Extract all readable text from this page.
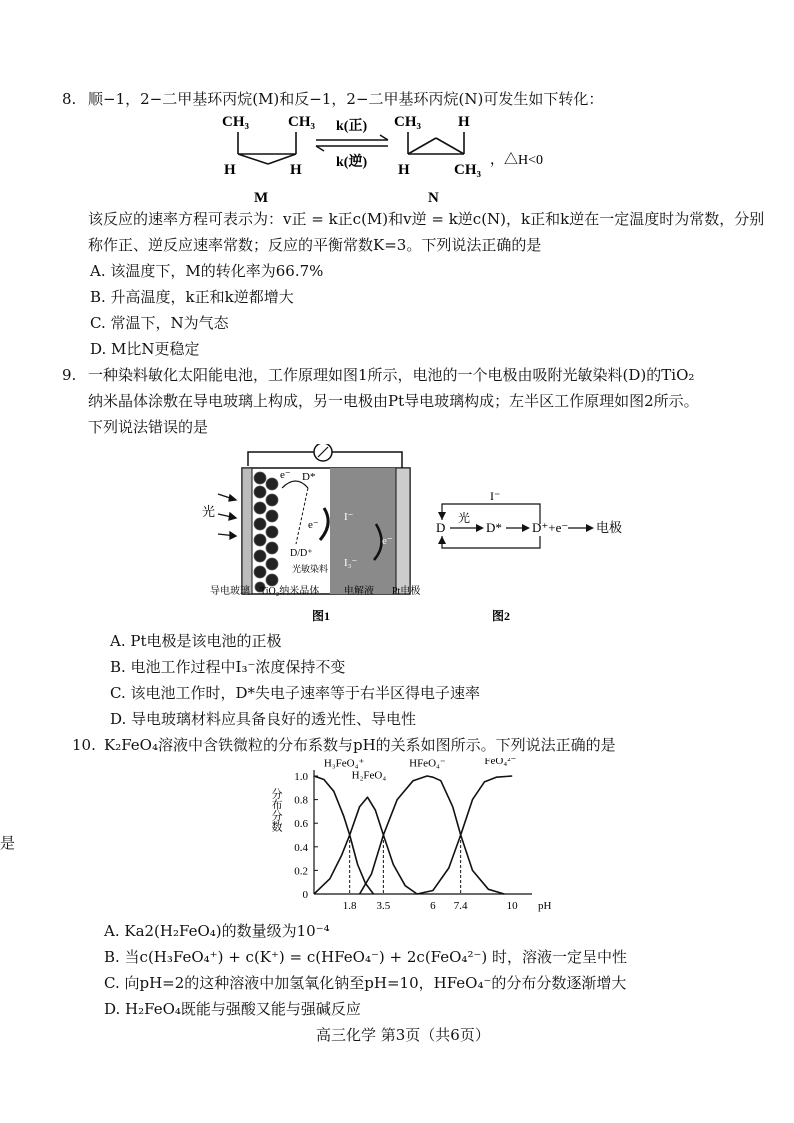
8. 顺−1，2−二甲基环丙烷(M)和反−1，2−二甲基环丙烷(N)可发生如下转化：
CH₃	CH₃
H	H
M
k(正)
k(逆)
CH₃ H
H	CH₃
N
，△H<0
该反应的速率方程可表示为：v正 = k正c(M)和v逆 = k逆c(N)，k正和k逆在一定温度时为常数，分别
称作正、逆反应速率常数；反应的平衡常数K=3。下列说法正确的是
A. 该温度下，M的转化率为66.7%
B. 升高温度，k正和k逆都增大
C. 常温下，N为气态
D. M比N更稳定
9. 一种染料敏化太阳能电池，工作原理如图1所示，电池的一个电极由吸附光敏染料(D)的TiO₂
纳米晶体涂敷在导电玻璃上构成，另一电极由Pt导电玻璃构成；左半区工作原理如图2所示。
下列说法错误的是
光
e⁻ D*
e⁻
D/D⁺
I⁻
I₃⁻
e⁻
光敏染料
导电玻璃 TiO₂纳米晶体 电解液 Pt电极
图1
I⁻
D
光
D* D⁺+e⁻ 电极
图2
A. Pt电极是该电池的正极
B. 电池工作过程中I₃⁻浓度保持不变
C. 该电池工作时，D*失电子速率等于右半区得电子速率
D. 导电玻璃材料应具备良好的透光性、导电性
10. K₂FeO₄溶液中含铁微粒的分布系数与pH的关系如图所示。下列说法正确的是
0
0.2
0.4
0.6
0.8
1.0
1.8 3.5	6 7.4	10 pH
分布分数
H₃FeO₄⁺
H₂FeO₄
HFeO₄⁻	FeO₄²⁻
A. Ka2(H₂FeO₄)的数量级为10⁻⁴
B. 当c(H₃FeO₄⁺) + c(K⁺) = c(HFeO₄⁻) + 2c(FeO₄²⁻) 时，溶液一定呈中性
C. 向pH=2的这种溶液中加氢氧化钠至pH=10，HFeO₄⁻的分布分数逐渐增大
D. H₂FeO₄既能与强酸又能与强碱反应
高三化学 第3页（共6页）
是
